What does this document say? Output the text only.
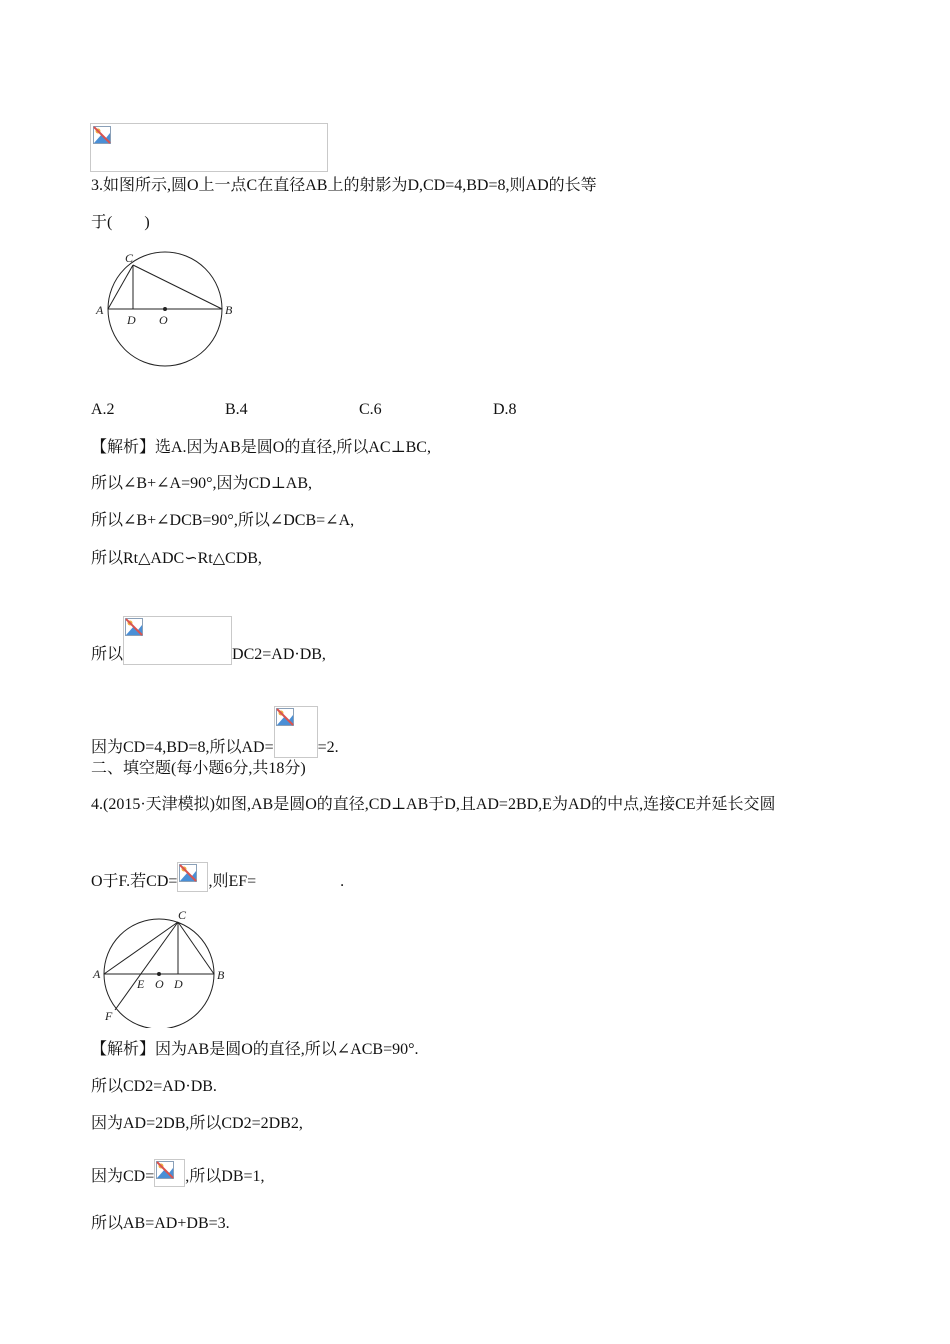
3.如图所示,圆O上一点C在直径AB上的射影为D,CD=4,BD=8,则AD的长等
于(　　)
C
A	B
D O
A.2	B.4	C.6	D.8
【解析】选A.因为AB是圆O的直径,所以AC⊥BC,
所以∠B+∠A=90°,因为CD⊥AB,
所以∠B+∠DCB=90°,所以∠DCB=∠A,
所以Rt△ADC∽Rt△CDB,
所以	DC2=AD·DB,
因为CD=4,BD=8,所以AD=	=2.
二、填空题(每小题6分,共18分)
4.(2015·天津模拟)如图,AB是圆O的直径,CD⊥AB于D,且AD=2BD,E为AD的中点,连接CE并延长交圆
O于F.若CD= ,则EF=	.
C
A	B
E O D
F
【解析】因为AB是圆O的直径,所以∠ACB=90°.
所以CD2=AD·DB.
因为AD=2DB,所以CD2=2DB2,
因为CD= ,所以DB=1,
所以AB=AD+DB=3.
